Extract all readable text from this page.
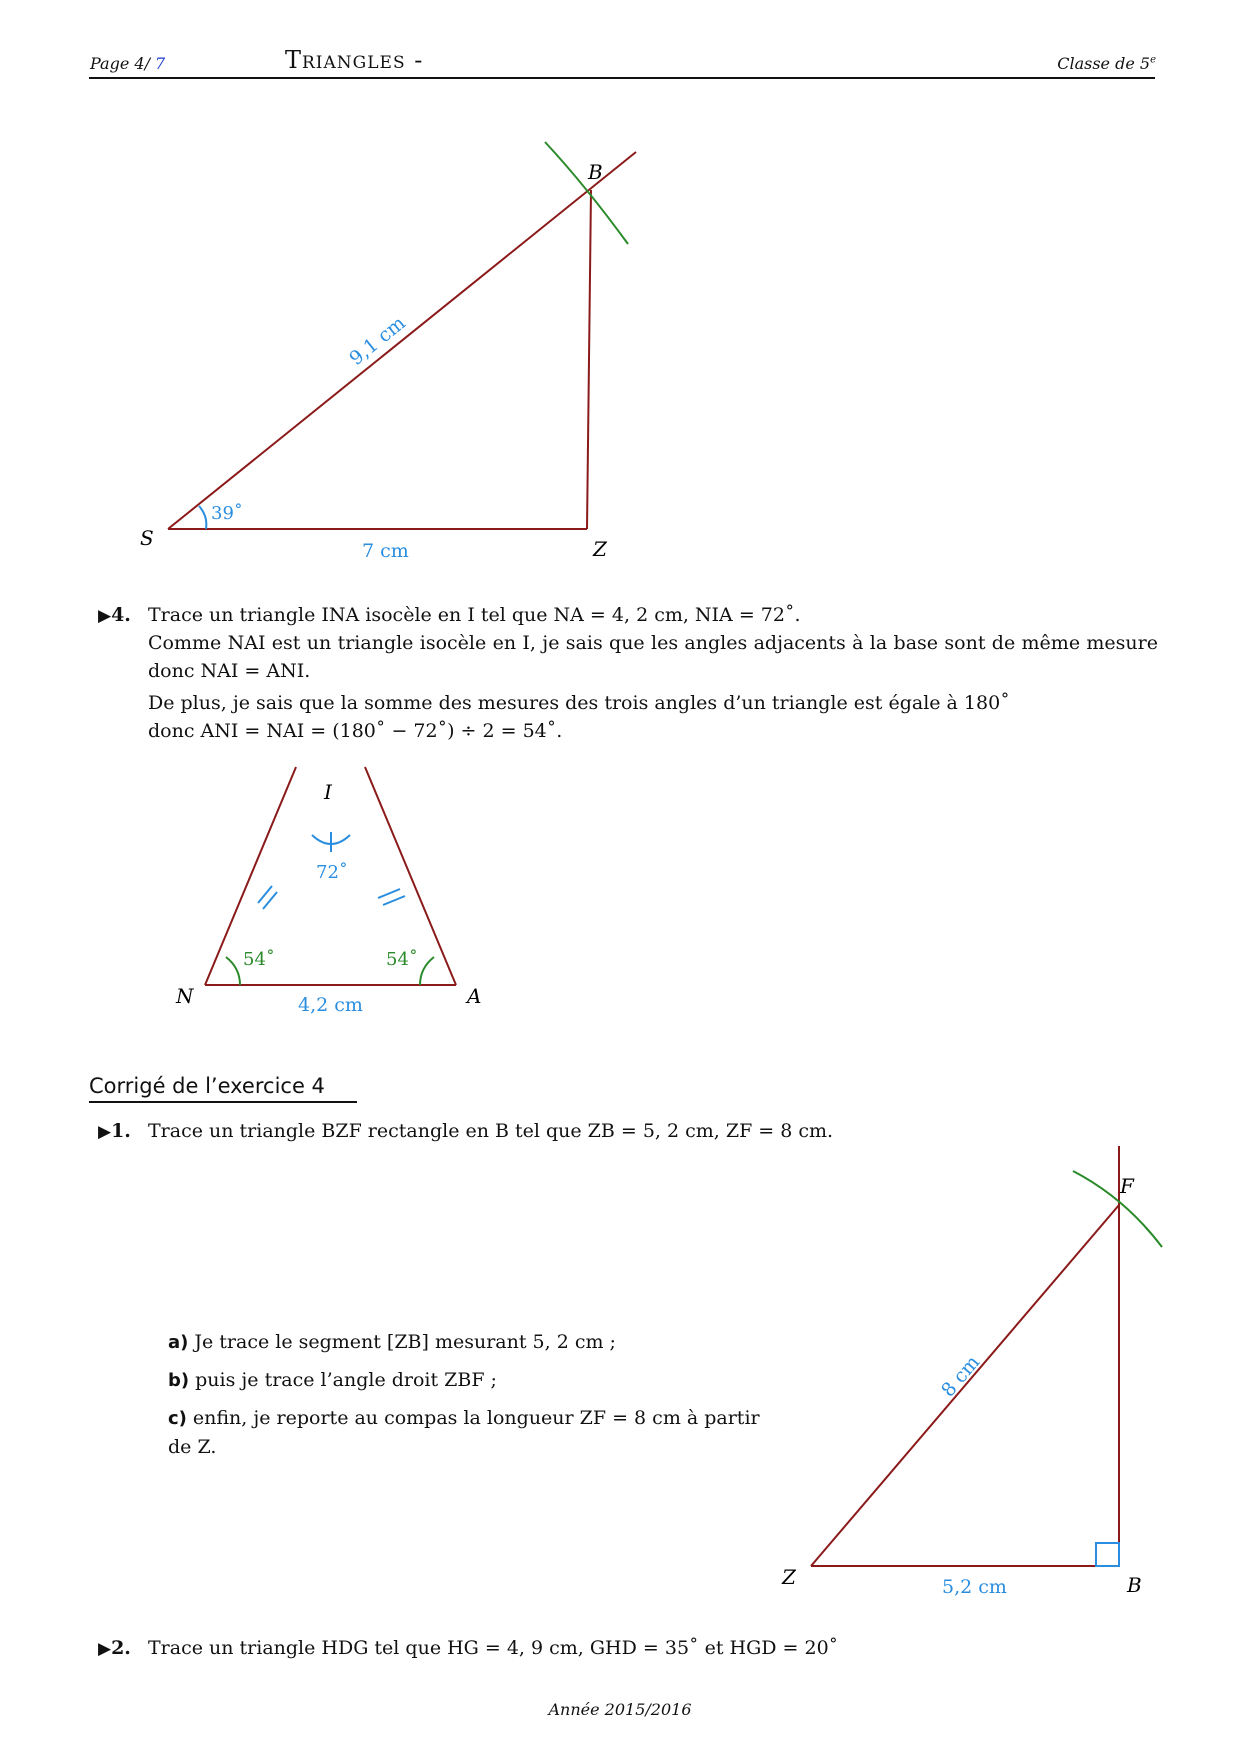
Page 4/ 7	Triangles -	Classe de 5e
B
S	Z
9,1 cm
7 cm
39˚
I
N	A
72˚
54˚	54˚
4,2 cm
F
Z	B
8 cm
5,2 cm
▶4. Trace un triangle INA isocèle en I tel que NA = 4, 2 cm, NIA = 72˚.

Comme NAI est un triangle isocèle en I, je sais que les angles adjacents à la base sont de même mesure donc NAI = ANI.

De plus, je sais que la somme des mesures des trois angles d’un triangle est égale à 180˚

donc ANI = NAI = (180˚ − 72˚) ÷ 2 = 54˚.

Corrigé de l’exercice 4
▶1. Trace un triangle BZF rectangle en B tel que ZB = 5, 2 cm, ZF = 8 cm.

a) Je trace le segment [ZB] mesurant 5, 2 cm ;
b) puis je trace l’angle droit ZBF ;
c) enfin, je reporte au compas la longueur ZF = 8 cm à partir de Z.
▶2. Trace un triangle HDG tel que HG = 4, 9 cm, GHD = 35˚ et HGD = 20˚

Année 2015/2016
